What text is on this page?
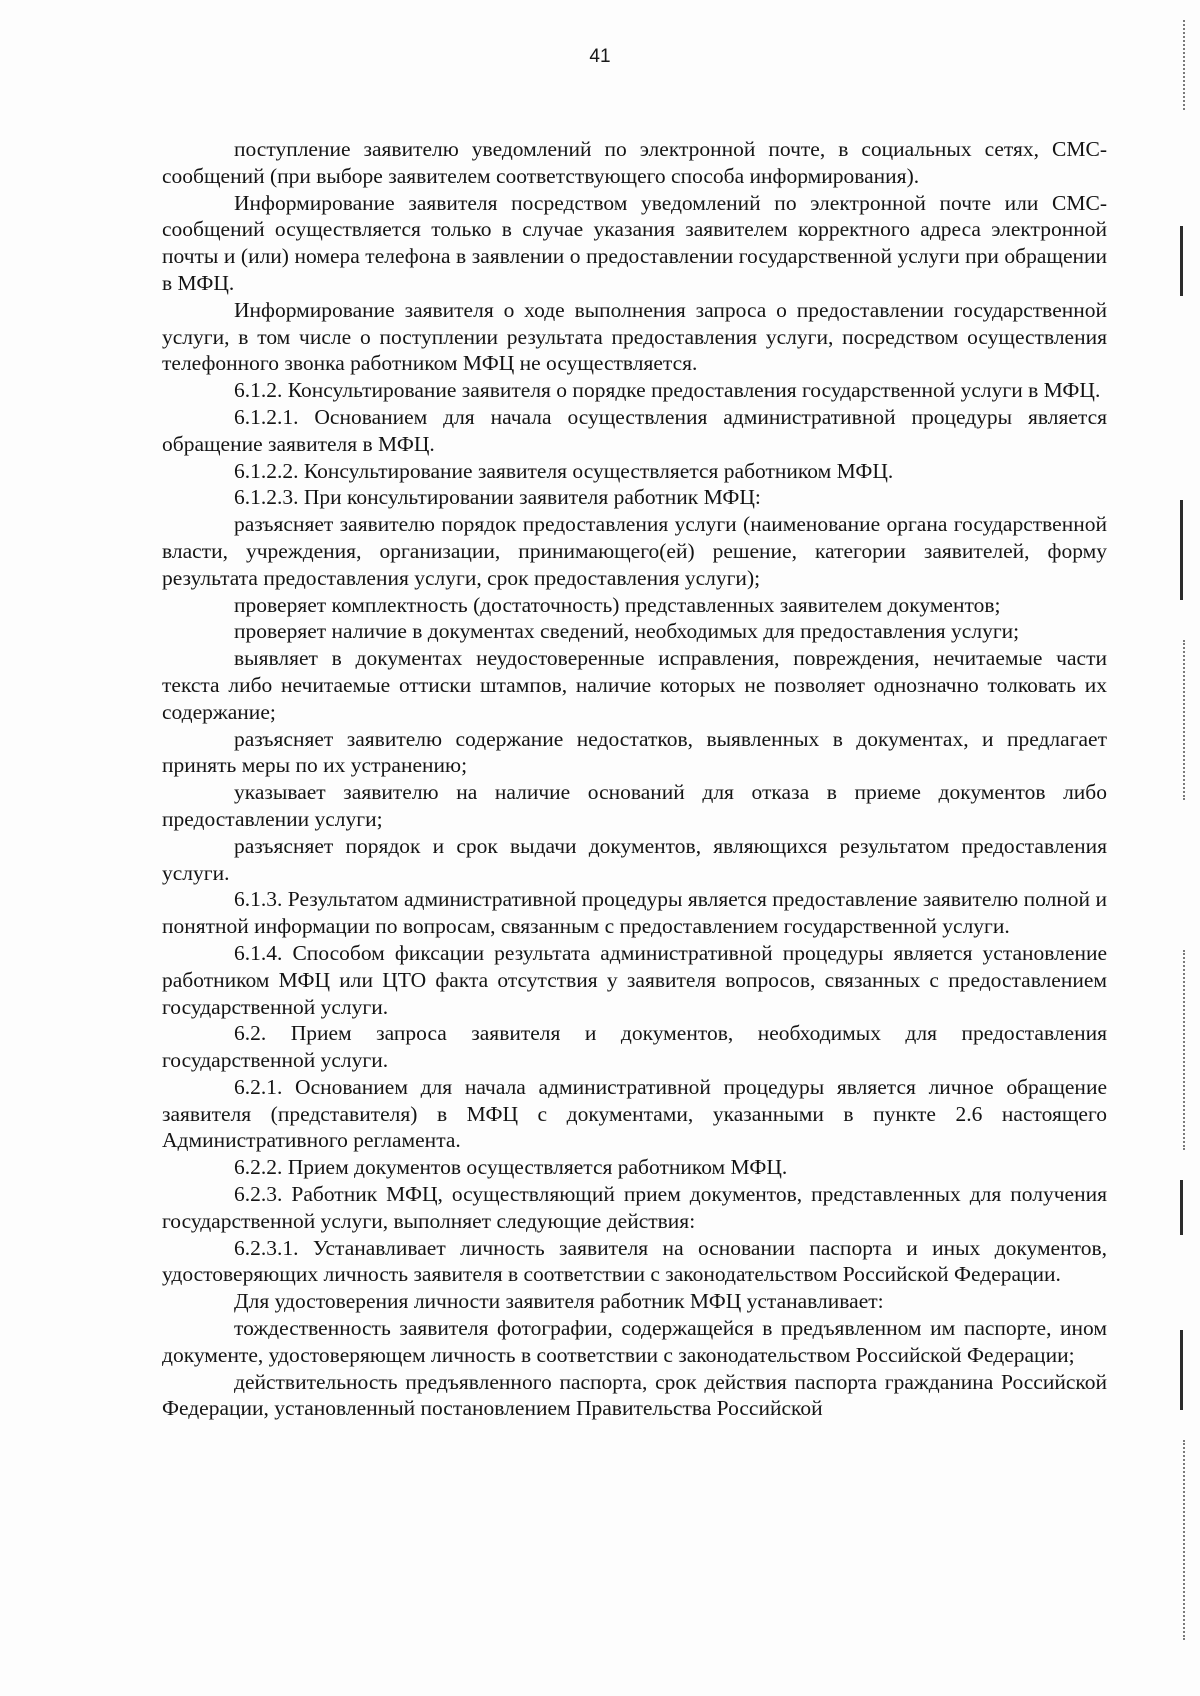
41

поступление заявителю уведомлений по электронной почте, в социальных сетях, СМС-сообщений (при выборе заявителем соответствующего способа информирования).

Информирование заявителя посредством уведомлений по электронной почте или СМС-сообщений осуществляется только в случае указания заявителем корректного адреса электронной почты и (или) номера телефона в заявлении о предоставлении государственной услуги при обращении в МФЦ.

Информирование заявителя о ходе выполнения запроса о предоставлении государственной услуги, в том числе о поступлении результата предоставления услуги, посредством осуществления телефонного звонка работником МФЦ не осуществляется.

6.1.2. Консультирование заявителя о порядке предоставления государственной услуги в МФЦ.

6.1.2.1. Основанием для начала осуществления административной процедуры является обращение заявителя в МФЦ.

6.1.2.2. Консультирование заявителя осуществляется работником МФЦ.

6.1.2.3. При консультировании заявителя работник МФЦ:

разъясняет заявителю порядок предоставления услуги (наименование органа государственной власти, учреждения, организации, принимающего(ей) решение, категории заявителей, форму результата предоставления услуги, срок предоставления услуги);

проверяет комплектность (достаточность) представленных заявителем документов;

проверяет наличие в документах сведений, необходимых для предоставления услуги;

выявляет в документах неудостоверенные исправления, повреждения, нечитаемые части текста либо нечитаемые оттиски штампов, наличие которых не позволяет однозначно толковать их содержание;

разъясняет заявителю содержание недостатков, выявленных в документах, и предлагает принять меры по их устранению;

указывает заявителю на наличие оснований для отказа в приеме документов либо предоставлении услуги;

разъясняет порядок и срок выдачи документов, являющихся результатом предоставления услуги.

6.1.3. Результатом административной процедуры является предоставление заявителю полной и понятной информации по вопросам, связанным с предоставлением государственной услуги.

6.1.4. Способом фиксации результата административной процедуры является установление работником МФЦ или ЦТО факта отсутствия у заявителя вопросов, связанных с предоставлением государственной услуги.

6.2. Прием запроса заявителя и документов, необходимых для предоставления государственной услуги.

6.2.1. Основанием для начала административной процедуры является личное обращение заявителя (представителя) в МФЦ с документами, указанными в пункте 2.6 настоящего Административного регламента.

6.2.2. Прием документов осуществляется работником МФЦ.

6.2.3. Работник МФЦ, осуществляющий прием документов, представленных для получения государственной услуги, выполняет следующие действия:

6.2.3.1. Устанавливает личность заявителя на основании паспорта и иных документов, удостоверяющих личность заявителя в соответствии с законодательством Российской Федерации.

Для удостоверения личности заявителя работник МФЦ устанавливает:

тождественность заявителя фотографии, содержащейся в предъявленном им паспорте, ином документе, удостоверяющем личность в соответствии с законодательством Российской Федерации;

действительность предъявленного паспорта, срок действия паспорта гражданина Российской Федерации, установленный постановлением Правительства Российской
